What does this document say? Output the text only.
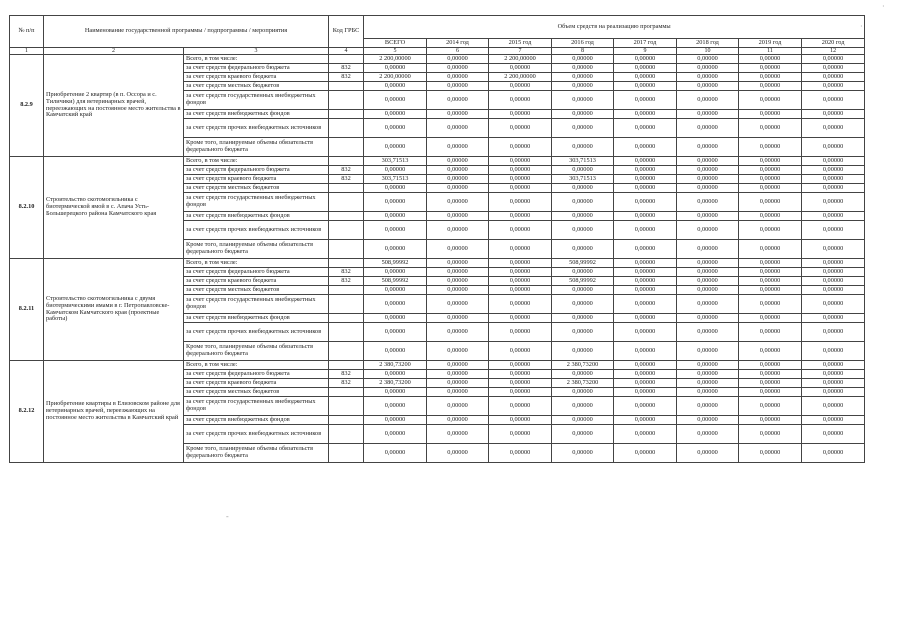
№ п/п	Наименование государственной программы / подпрограммы / мероприятия		Код ГРБС	Объем средств на реализацию программы							
				ВСЕГО	2014 год	2015 год	2016 год	2017 год	2018 год	2019 год	2020 год
1	2	3	4	5	6	7	8	9	10	11	12
8.2.9	Приобретение 2 квартир (в п. Оссора и с. Тиличики) для ветеринарных врачей, переезжающих на постоянное место жительства в Камчатский край	Всего, в том числе:		2 200,00000	0,00000	2 200,00000	0,00000	0,00000	0,00000	0,00000	0,00000
		за счет средств федерального бюджета	832	0,00000	0,00000	0,00000	0,00000	0,00000	0,00000	0,00000	0,00000
		за счет средств краевого бюджета	832	2 200,00000	0,00000	2 200,00000	0,00000	0,00000	0,00000	0,00000	0,00000
		за счет средств местных бюджетов		0,00000	0,00000	0,00000	0,00000	0,00000	0,00000	0,00000	0,00000
		за счет средств государственных внебюджетных фондов		0,00000	0,00000	0,00000	0,00000	0,00000	0,00000	0,00000	0,00000
		за счет средств внебюджетных фондов		0,00000	0,00000	0,00000	0,00000	0,00000	0,00000	0,00000	0,00000
		за счет средств прочих внебюджетных источников		0,00000	0,00000	0,00000	0,00000	0,00000	0,00000	0,00000	0,00000
		Кроме того, планируемые объемы обязательств федерального бюджета		0,00000	0,00000	0,00000	0,00000	0,00000	0,00000	0,00000	0,00000
8.2.10	Строительство скотомогильника с биотермической ямой в с. Апача Усть-Большерецкого района Камчатского края	Всего, в том числе:		303,71513	0,00000	0,00000	303,71513	0,00000	0,00000	0,00000	0,00000
		за счет средств федерального бюджета	832	0,00000	0,00000	0,00000	0,00000	0,00000	0,00000	0,00000	0,00000
		за счет средств краевого бюджета	832	303,71513	0,00000	0,00000	303,71513	0,00000	0,00000	0,00000	0,00000
		за счет средств местных бюджетов		0,00000	0,00000	0,00000	0,00000	0,00000	0,00000	0,00000	0,00000
		за счет средств государственных внебюджетных фондов		0,00000	0,00000	0,00000	0,00000	0,00000	0,00000	0,00000	0,00000
		за счет средств внебюджетных фондов		0,00000	0,00000	0,00000	0,00000	0,00000	0,00000	0,00000	0,00000
		за счет средств прочих внебюджетных источников		0,00000	0,00000	0,00000	0,00000	0,00000	0,00000	0,00000	0,00000
		Кроме того, планируемые объемы обязательств федерального бюджета		0,00000	0,00000	0,00000	0,00000	0,00000	0,00000	0,00000	0,00000
8.2.11	Строительство скотомогильника с двумя биотермическими ямами в г. Петропавловске-Камчатском Камчатского края (проектные работы)	Всего, в том числе:		508,99992	0,00000	0,00000	508,99992	0,00000	0,00000	0,00000	0,00000
		за счет средств федерального бюджета	832	0,00000	0,00000	0,00000	0,00000	0,00000	0,00000	0,00000	0,00000
		за счет средств краевого бюджета	832	508,99992	0,00000	0,00000	508,99992	0,00000	0,00000	0,00000	0,00000
		за счет средств местных бюджетов		0,00000	0,00000	0,00000	0,00000	0,00000	0,00000	0,00000	0,00000
		за счет средств государственных внебюджетных фондов		0,00000	0,00000	0,00000	0,00000	0,00000	0,00000	0,00000	0,00000
		за счет средств внебюджетных фондов		0,00000	0,00000	0,00000	0,00000	0,00000	0,00000	0,00000	0,00000
		за счет средств прочих внебюджетных источников		0,00000	0,00000	0,00000	0,00000	0,00000	0,00000	0,00000	0,00000
		Кроме того, планируемые объемы обязательств федерального бюджета		0,00000	0,00000	0,00000	0,00000	0,00000	0,00000	0,00000	0,00000
8.2.12	Приобретение квартиры в Елизовском районе для ветеринарных врачей, переезжающих на постоянное место жительства в Камчатский край	Всего, в том числе:		2 380,73200	0,00000	0,00000	2 380,73200	0,00000	0,00000	0,00000	0,00000
		за счет средств федерального бюджета	832	0,00000	0,00000	0,00000	0,00000	0,00000	0,00000	0,00000	0,00000
		за счет средств краевого бюджета	832	2 380,73200	0,00000	0,00000	2 380,73200	0,00000	0,00000	0,00000	0,00000
		за счет средств местных бюджетов		0,00000	0,00000	0,00000	0,00000	0,00000	0,00000	0,00000	0,00000
		за счет средств государственных внебюджетных фондов		0,00000	0,00000	0,00000	0,00000	0,00000	0,00000	0,00000	0,00000
		за счет средств внебюджетных фондов		0,00000	0,00000	0,00000	0,00000	0,00000	0,00000	0,00000	0,00000
		за счет средств прочих внебюджетных источников		0,00000	0,00000	0,00000	0,00000	0,00000	0,00000	0,00000	0,00000
		Кроме того, планируемые объемы обязательств федерального бюджета		0,00000	0,00000	0,00000	0,00000	0,00000	0,00000	0,00000	0,00000
·
·
-
